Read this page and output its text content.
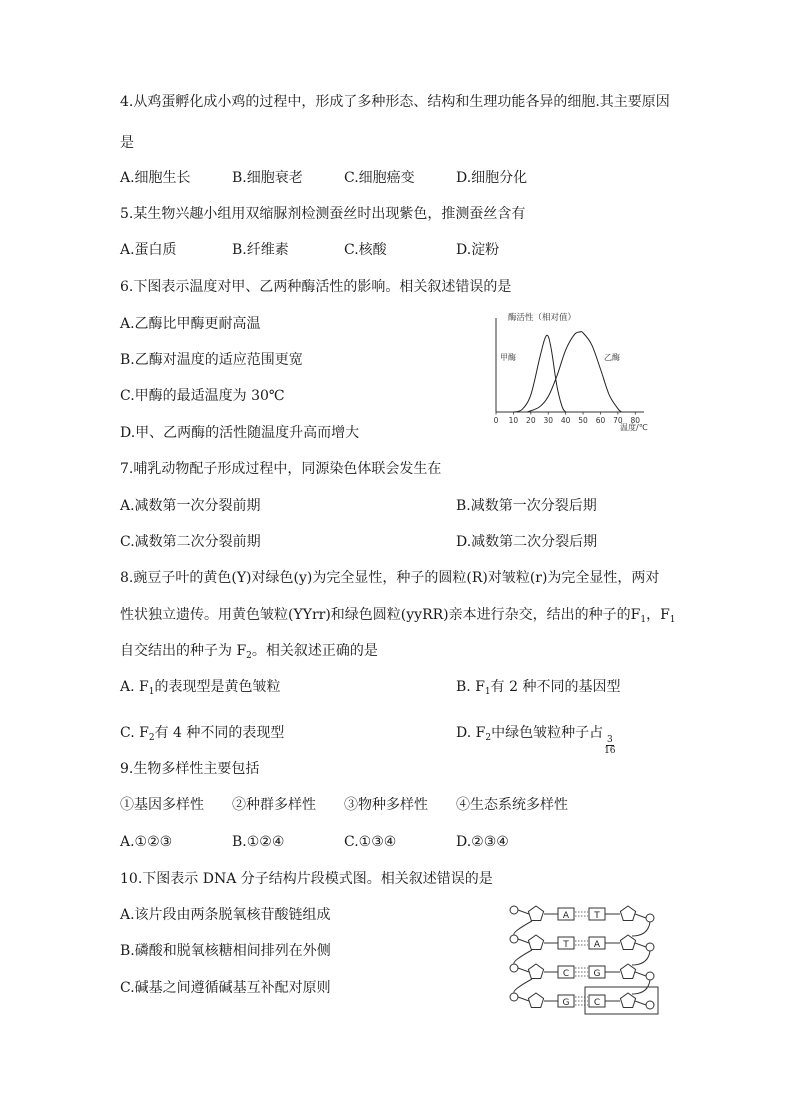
4.从鸡蛋孵化成小鸡的过程中，形成了多种形态、结构和生理功能各异的细胞.其主要原因
是
A.细胞生长	B.细胞衰老	C.细胞癌变	D.细胞分化
5.某生物兴趣小组用双缩脲剂检测蚕丝时出现紫色，推测蚕丝含有
A.蛋白质	B.纤维素	C.核酸	D.淀粉
6.下图表示温度对甲、乙两种酶活性的影响。相关叙述错误的是
A.乙酶比甲酶更耐高温
B.乙酶对温度的适应范围更宽
C.甲酶的最适温度为 30℃
D.甲、乙两酶的活性随温度升高而增大
酶活性（相对值）
0 10 20 30 40 50 60 70 80
甲酶	乙酶
温度/℃
7.哺乳动物配子形成过程中，同源染色体联会发生在
A.减数第一次分裂前期	B.减数第一次分裂后期
C.减数第二次分裂前期	D.减数第二次分裂后期
8.豌豆子叶的黄色(Y)对绿色(y)为完全显性，种子的圆粒(R)对皱粒(r)为完全显性，两对
性状独立遗传。用黄色皱粒(YYrr)和绿色圆粒(yyRR)亲本进行杂交，结出的种子的$F_1$，$F_1$
自交结出的种子为 $F_2$。相关叙述正确的是
A. $F_1$的表现型是黄色皱粒	B. $F_1$有 2 种不同的基因型
C. $F_2$有 4 种不同的表现型	D. $F_2$中绿色皱粒种子占
$\frac{3}{16}$
9.生物多样性主要包括
①基因多样性 ②种群多样性 ③物种多样性 ④生态系统多样性
A.①②③	B.①②④	C.①③④	D.②③④
10.下图表示 DNA 分子结构片段模式图。相关叙述错误的是
A.该片段由两条脱氧核苷酸链组成
B.磷酸和脱氧核糖相间排列在外侧
C.碱基之间遵循碱基互补配对原则
A	T
T	A
C	G
G	C
